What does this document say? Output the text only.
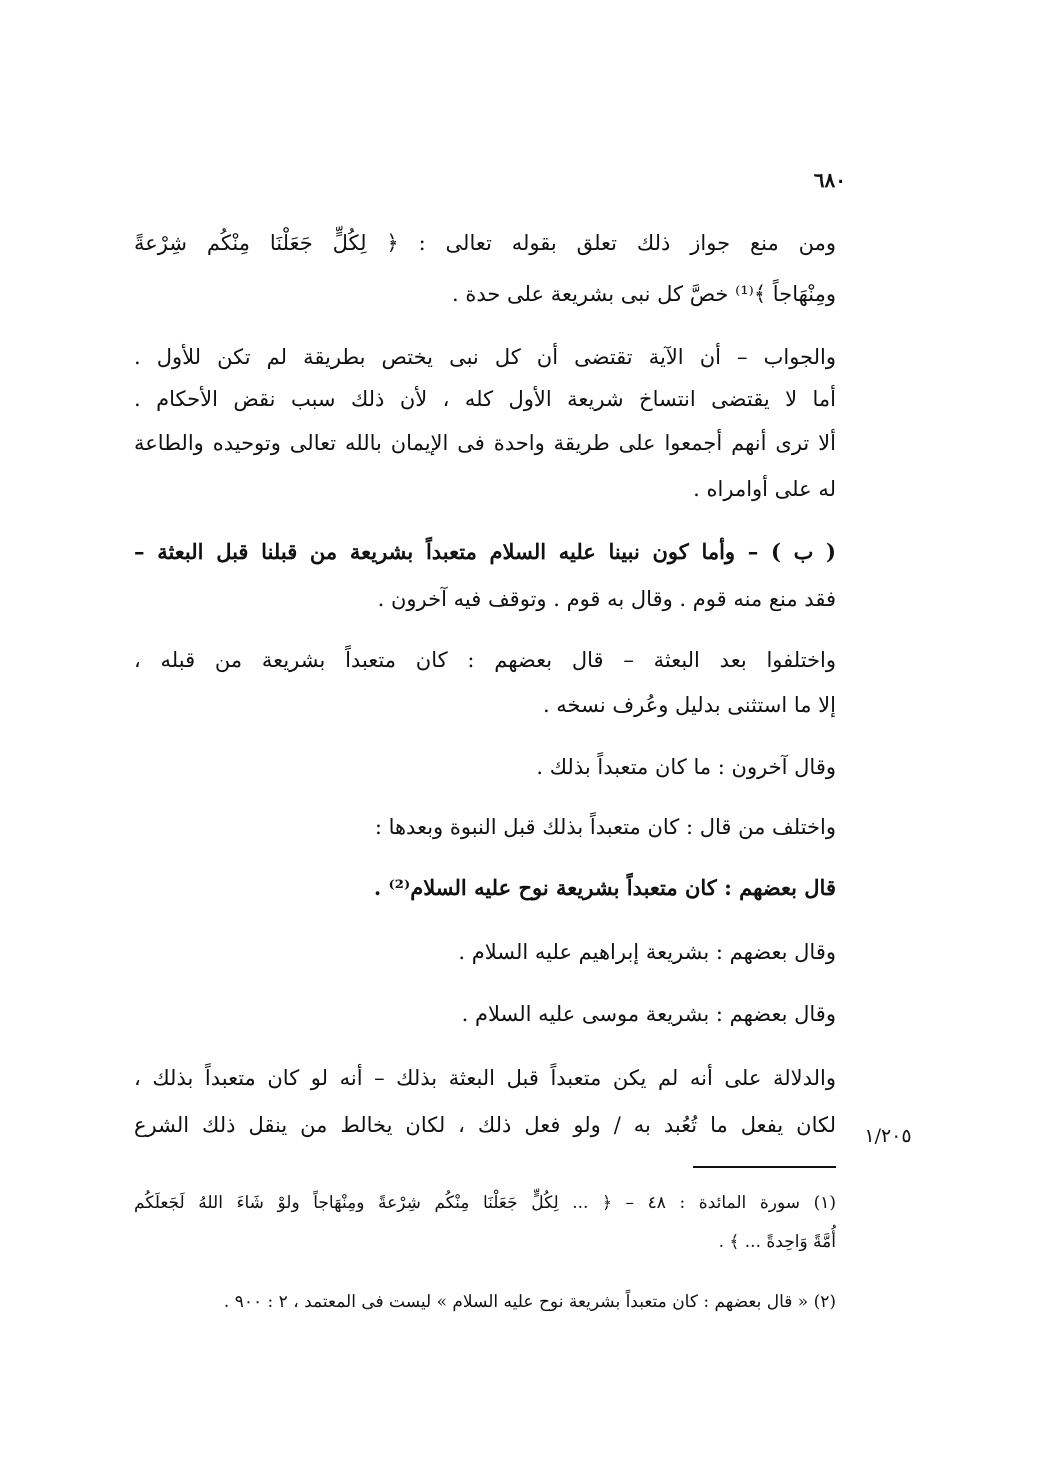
٦٨٠
ومن منع جواز ذلك تعلق بقوله تعالى : ﴿ لِكُلٍّ جَعَلْنَا مِنْكُم شِرْعةً
ومِنْهَاجاً ﴾⁽¹⁾ خصَّ كل نبى بشريعة على حدة .
والجواب – أن الآية تقتضى أن كل نبى يختص بطريقة لم تكن للأول .
أما لا يقتضى انتساخ شريعة الأول كله ، لأن ذلك سبب نقض الأحكام .
ألا ترى أنهم أجمعوا على طريقة واحدة فى الإيمان بالله تعالى وتوحيده والطاعة
له على أوامراه .
( ب ) – وأما كون نبينا عليه السلام متعبداً بشريعة من قبلنا قبل البعثة –
فقد منع منه قوم . وقال به قوم . وتوقف فيه آخرون .
واختلفوا بعد البعثة – قال بعضهم : كان متعبداً بشريعة من قبله ،
إلا ما استثنى بدليل وعُرف نسخه .
وقال آخرون : ما كان متعبداً بذلك .
واختلف من قال : كان متعبداً بذلك قبل النبوة وبعدها :
قال بعضهم : كان متعبداً بشريعة نوح عليه السلام⁽²⁾ .
وقال بعضهم : بشريعة إبراهيم عليه السلام .
وقال بعضهم : بشريعة موسى عليه السلام .
والدلالة على أنه لم يكن متعبداً قبل البعثة بذلك – أنه لو كان متعبداً بذلك ،
لكان يفعل ما تُعُبد به / ولو فعل ذلك ، لكان يخالط من ينقل ذلك الشرع	١/٢٠٥
(١) سورة المائدة : ٤٨ – ﴿ ... لِكُلٍّ جَعَلْنَا مِنْكُم شِرْعةً ومِنْهَاجاً ولوْ شَاءَ اللهُ لَجَعلَكُم
أُمَّةً وَاحِدةً ... ﴾ .
(٢) « قال بعضهم : كان متعبداً بشريعة نوح عليه السلام » ليست فى المعتمد ، ٢ : ٩٠٠ .
